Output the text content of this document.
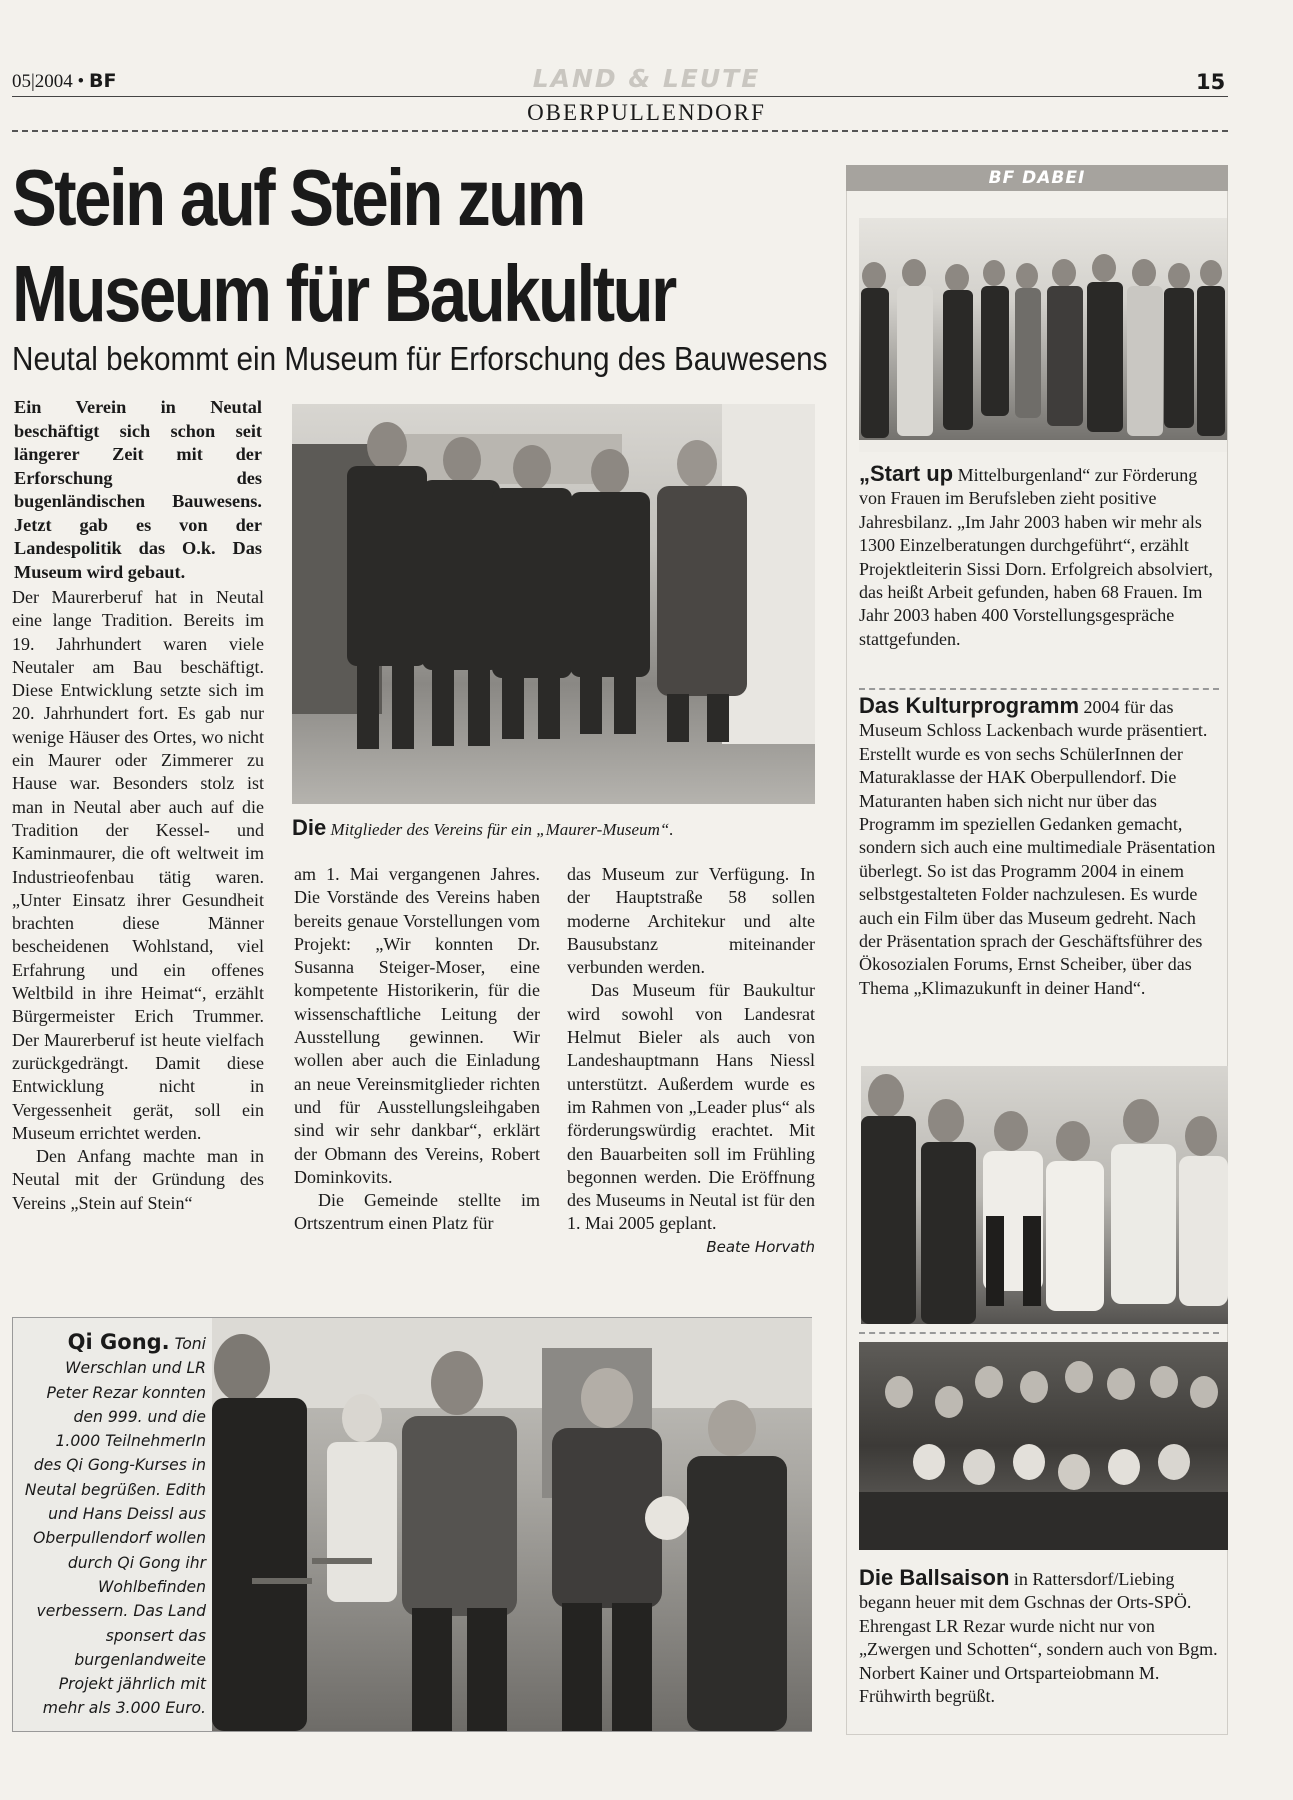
05|2004 • BF	LAND & LEUTE	15
OBERPULLENDORF
Stein auf Stein zum
Museum für Baukultur
Neutal bekommt ein Museum für Erforschung des Bauwesens
Ein Verein in Neutal beschäftigt sich schon seit längerer Zeit mit der Erforschung des bugenländischen Bauwesens. Jetzt gab es von der Landespolitik das O.k. Das Museum wird gebaut.

Der Maurerberuf hat in Neutal eine lange Tradition. Bereits im 19. Jahrhundert waren viele Neutaler am Bau beschäftigt. Diese Entwicklung setzte sich im 20. Jahrhundert fort. Es gab nur wenige Häuser des Ortes, wo nicht ein Maurer oder Zimmerer zu Hause war. Besonders stolz ist man in Neutal aber auch auf die Tradition der Kessel- und Kaminmaurer, die oft weltweit im Industrieofenbau tätig waren. „Unter Einsatz ihrer Gesundheit brachten diese Männer bescheidenen Wohlstand, viel Erfahrung und ein offenes Weltbild in ihre Heimat“, erzählt Bürgermeister Erich Trummer. Der Maurerberuf ist heute vielfach zurückgedrängt. Damit diese Entwicklung nicht in Vergessenheit gerät, soll ein Museum errichtet werden.

Den Anfang machte man in Neutal mit der Gründung des Vereins „Stein auf Stein“

am 1. Mai vergangenen Jahres. Die Vorstände des Vereins haben bereits genaue Vorstellungen vom Projekt: „Wir konnten Dr. Susanna Steiger-Moser, eine kompetente Historikerin, für die wissenschaftliche Leitung der Ausstellung gewinnen. Wir wollen aber auch die Einladung an neue Vereinsmitglieder richten und für Ausstellungsleihgaben sind wir sehr dankbar“, erklärt der Obmann des Vereins, Robert Dominkovits.

Die Gemeinde stellte im Ortszentrum einen Platz für

das Museum zur Verfügung. In der Hauptstraße 58 sollen moderne Architekur und alte Bausubstanz miteinander verbunden werden.

Das Museum für Baukultur wird sowohl von Landesrat Helmut Bieler als auch von Landeshauptmann Hans Niessl unterstützt. Außerdem wurde es im Rahmen von „Leader plus“ als förderungswürdig erachtet. Mit den Bauarbeiten soll im Frühling begonnen werden. Die Eröffnung des Museums in Neutal ist für den 1. Mai 2005 geplant.
Beate Horvath

Die Mitglieder des Vereins für ein „Maurer-Museum“.
Qi Gong. Toni Werschlan und LR Peter Rezar konnten den 999. und die 1.000 TeilnehmerIn des Qi Gong-Kurses in Neutal begrüßen. Edith und Hans Deissl aus Oberpullendorf wollen durch Qi Gong ihr Wohlbefinden verbessern. Das Land sponsert das burgenlandweite Projekt jährlich mit mehr als 3.000 Euro.
BF DABEI
„Start up Mittelburgenland“ zur Förderung von Frauen im Berufsleben zieht positive Jahresbilanz. „Im Jahr 2003 haben wir mehr als 1300 Einzelberatungen durchgeführt“, erzählt Projektleiterin Sissi Dorn. Erfolgreich absolviert, das heißt Arbeit gefunden, haben 68 Frauen. Im Jahr 2003 haben 400 Vorstellungsgespräche stattgefunden.
Das Kulturprogramm 2004 für das Museum Schloss Lackenbach wurde präsentiert. Erstellt wurde es von sechs SchülerInnen der Maturaklasse der HAK Oberpullendorf. Die Maturanten haben sich nicht nur über das Programm im speziellen Gedanken gemacht, sondern sich auch eine multimediale Präsentation überlegt. So ist das Programm 2004 in einem selbstgestalteten Folder nachzulesen. Es wurde auch ein Film über das Museum gedreht. Nach der Präsentation sprach der Geschäftsführer des Ökosozialen Forums, Ernst Scheiber, über das Thema „Klimazukunft in deiner Hand“.
Die Ballsaison in Rattersdorf/Liebing begann heuer mit dem Gschnas der Orts-SPÖ. Ehrengast LR Rezar wurde nicht nur von „Zwergen und Schotten“, sondern auch von Bgm. Norbert Kainer und Ortsparteiobmann M. Frühwirth begrüßt.
